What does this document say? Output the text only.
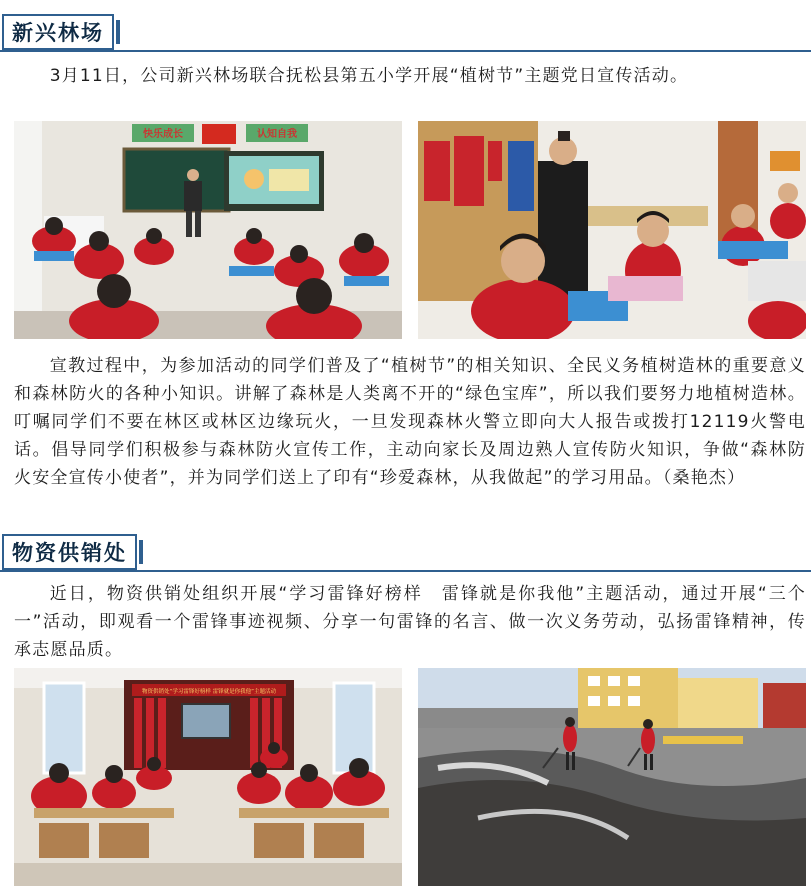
新兴林场

3月11日，公司新兴林场联合抚松县第五小学开展“植树节”主题党日宣传活动。

快乐成长	认知自我

宣教过程中，为参加活动的同学们普及了“植树节”的相关知识、全民义务植树造林的重要意义和森林防火的各种小知识。讲解了森林是人类离不开的“绿色宝库”，所以我们要努力地植树造林。叮嘱同学们不要在林区或林区边缘玩火，一旦发现森林火警立即向大人报告或拨打12119火警电话。倡导同学们积极参与森林防火宣传工作，主动向家长及周边熟人宣传防火知识，争做“森林防火安全宣传小使者”，并为同学们送上了印有“珍爱森林，从我做起”的学习用品。（桑艳杰）

物资供销处

近日，物资供销处组织开展“学习雷锋好榜样　雷锋就是你我他”主题活动，通过开展“三个一”活动，即观看一个雷锋事迹视频、分享一句雷锋的名言、做一次义务劳动，弘扬雷锋精神，传承志愿品质。

物资供销处“学习雷锋好榜样 雷锋就是你我他”主题活动
